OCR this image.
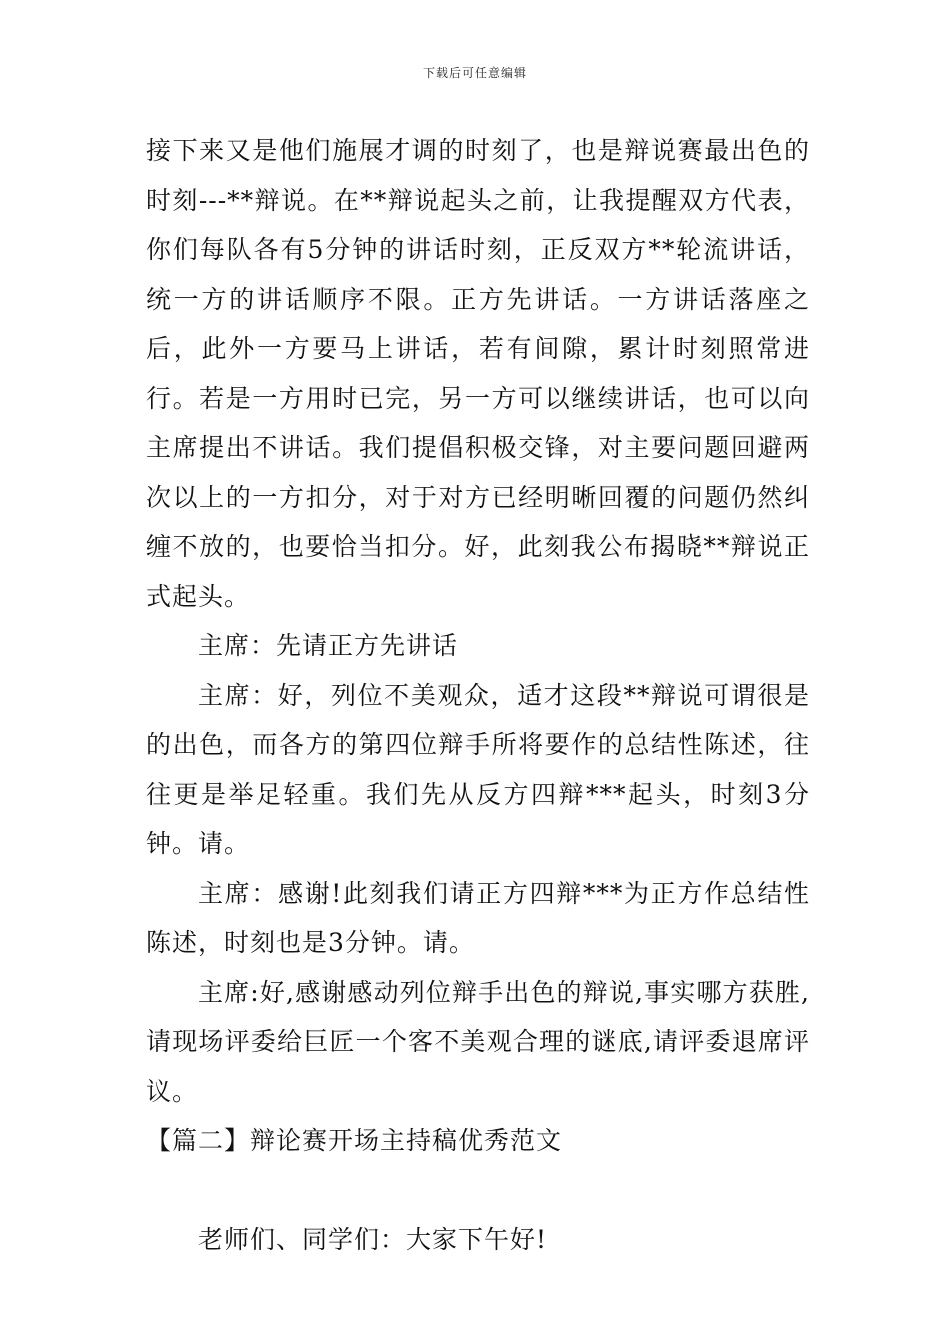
下载后可任意编辑

接下来又是他们施展才调的时刻了，也是辩说赛最出色的时刻---**辩说。在**辩说起头之前，让我提醒双方代表，你们每队各有5分钟的讲话时刻，正反双方**轮流讲话，统一方的讲话顺序不限。正方先讲话。一方讲话落座之后，此外一方要马上讲话，若有间隙，累计时刻照常进行。若是一方用时已完，另一方可以继续讲话，也可以向主席提出不讲话。我们提倡积极交锋，对主要问题回避两次以上的一方扣分，对于对方已经明晰回覆的问题仍然纠缠不放的，也要恰当扣分。好，此刻我公布揭晓**辩说正式起头。

主席：先请正方先讲话

主席：好，列位不美观众，适才这段**辩说可谓很是的出色，而各方的第四位辩手所将要作的总结性陈述，往往更是举足轻重。我们先从反方四辩***起头，时刻3分钟。请。

主席：感谢!此刻我们请正方四辩***为正方作总结性陈述，时刻也是3分钟。请。

主席:好,感谢感动列位辩手出色的辩说,事实哪方获胜,请现场评委给巨匠一个客不美观合理的谜底,请评委退席评议。

【篇二】辩论赛开场主持稿优秀范文

老师们、同学们：大家下午好!
